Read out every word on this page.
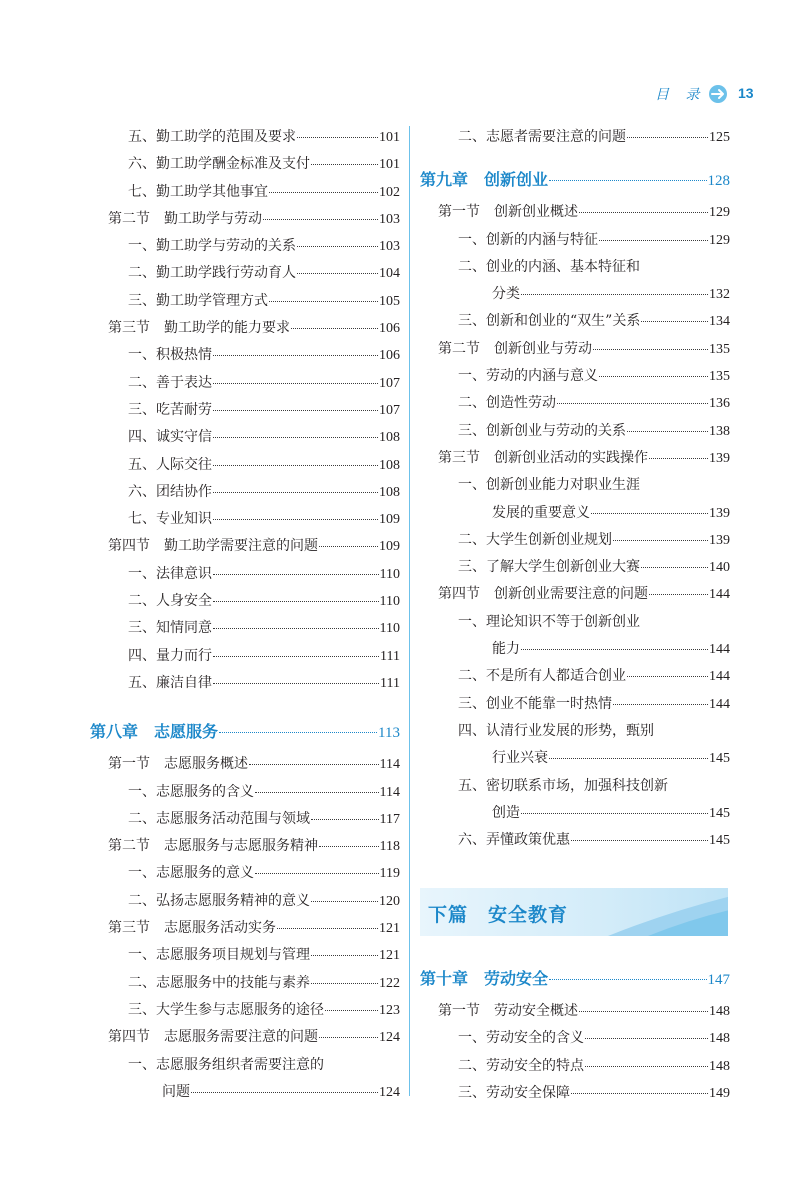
目 录 13
五、勤工助学的范围及要求	101
六、勤工助学酬金标准及支付	101
七、勤工助学其他事宜	102
第二节　勤工助学与劳动	103
一、勤工助学与劳动的关系	103
二、勤工助学践行劳动育人	104
三、勤工助学管理方式	105
第三节　勤工助学的能力要求	106
一、积极热情	106
二、善于表达	107
三、吃苦耐劳	107
四、诚实守信	108
五、人际交往	108
六、团结协作	108
七、专业知识	109
第四节　勤工助学需要注意的问题	109
一、法律意识	110
二、人身安全	110
三、知情同意	110
四、量力而行	111
五、廉洁自律	111
第八章　志愿服务	113
第一节　志愿服务概述	114
一、志愿服务的含义	114
二、志愿服务活动范围与领域	117
第二节　志愿服务与志愿服务精神	118
一、志愿服务的意义	119
二、弘扬志愿服务精神的意义	120
第三节　志愿服务活动实务	121
一、志愿服务项目规划与管理	121
二、志愿服务中的技能与素养	122
三、大学生参与志愿服务的途径	123
第四节　志愿服务需要注意的问题	124
一、志愿服务组织者需要注意的
问题	124
二、志愿者需要注意的问题	125
第九章　创新创业	128
第一节　创新创业概述	129
一、创新的内涵与特征	129
二、创业的内涵、基本特征和
分类	132
三、创新和创业的“双生”关系	134
第二节　创新创业与劳动	135
一、劳动的内涵与意义	135
二、创造性劳动	136
三、创新创业与劳动的关系	138
第三节　创新创业活动的实践操作	139
一、创新创业能力对职业生涯
发展的重要意义	139
二、大学生创新创业规划	139
三、了解大学生创新创业大赛	140
第四节　创新创业需要注意的问题	144
一、理论知识不等于创新创业
能力	144
二、不是所有人都适合创业	144
三、创业不能靠一时热情	144
四、认清行业发展的形势，甄别
行业兴衰	145
五、密切联系市场，加强科技创新
创造	145
六、弄懂政策优惠	145
下篇　安全教育
第十章　劳动安全	147
第一节　劳动安全概述	148
一、劳动安全的含义	148
二、劳动安全的特点	148
三、劳动安全保障	149
